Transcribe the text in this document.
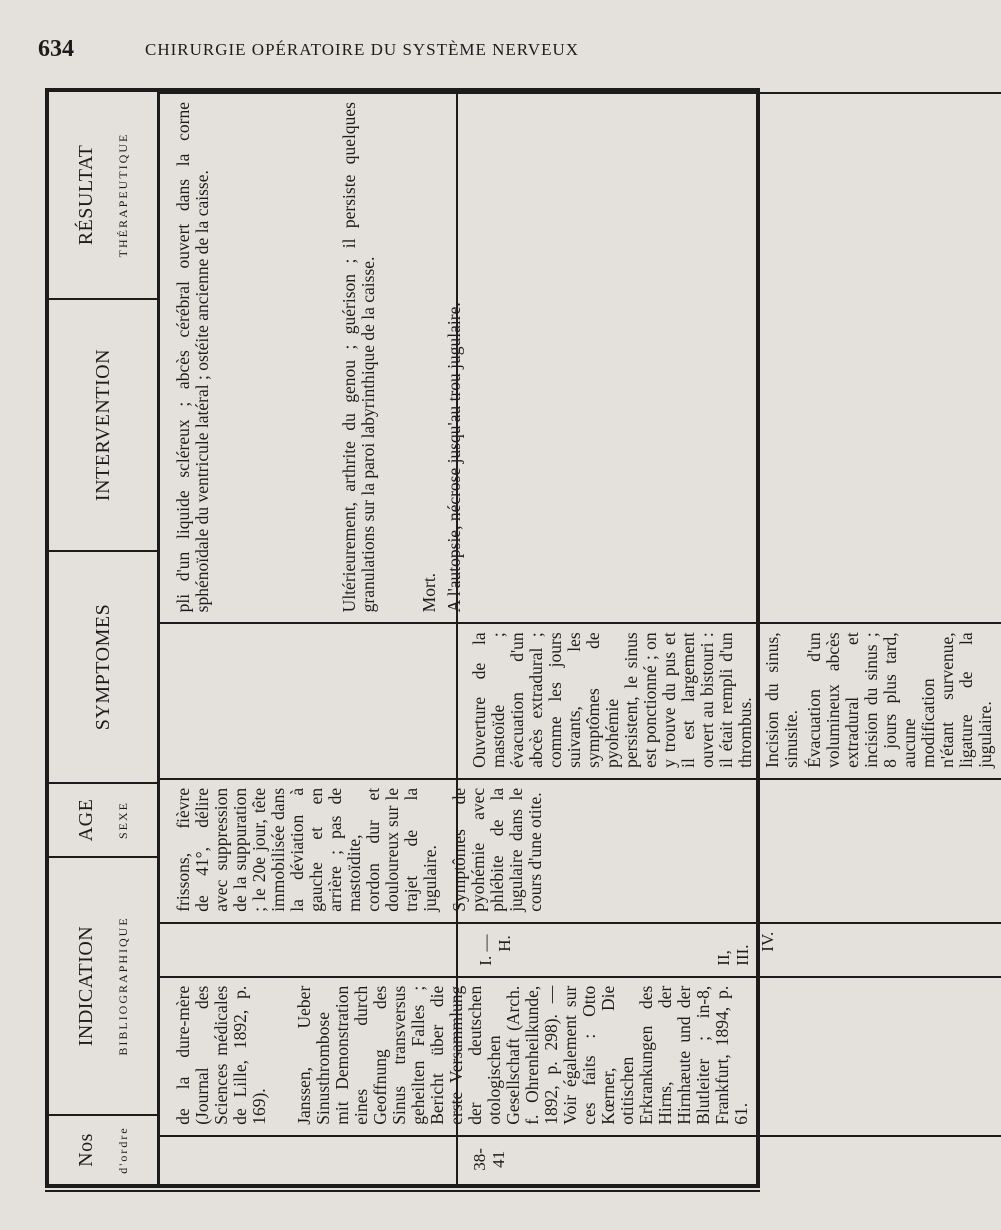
634	CHIRURGIE OPÉRATOIRE DU SYSTÈME NERVEUX
Nos d'ordre
INDICATION BIBLIOGRAPHIQUE
AGE SEXE
SYMPTOMES
INTERVENTION
RÉSULTAT THÉRAPEUTIQUE
38-41
de la dure-mère (Journal des Sciences médicales de Lille, 1892, p. 169). Janssen, Ueber Sinusthrombose mit Demonstration eines durch Geoffnung des Sinus transversus geheilten Falles ; Bericht über die erste Versammlung der deutschen otologischen Gesellschaft (Arch. f. Ohrenheilkunde, 1892, p. 298). — Voir également sur ces faits : Otto Kœrner, Die otitischen Erkrankungen des Hirns, der Hirnhæute und der Blutleiter ; in-8, Frankfurt, 1894, p. 61.
I. — H.
II, III.
IV.
frissons, fièvre de 41°, délire avec suppression de la suppuration ; le 20e jour, tête immobilisée dans la déviation à gauche et en arrière ; pas de mastoïdite, cordon dur et douloureux sur le trajet de la jugulaire. Symptômes de pyohémie avec phlébite de la jugulaire dans le cours d'une otite.
Ouverture de la mastoïde ; évacuation d'un abcès extradural ; comme les jours suivants, les symptômes de pyohémie persistent, le sinus est ponctionné ; on y trouve du pus et il est largement ouvert au bistouri : il était rempli d'un thrombus. Incision du sinus, sinusite. Évacuation d'un volumineux abcès extradural et incision du sinus ; 8 jours plus tard, aucune modification n'étant survenue, ligature de la jugulaire.
pli d'un liquide scléreux ; abcès cérébral ouvert dans la corne sphénoïdale du ventricule latéral ; ostéite ancienne de la caisse.	Ultérieurement, arthrite du genou ; guérison ; il persiste quelques granulations sur la paroi labyrinthique de la caisse. Mort. A l'autopsie, nécrose jusqu'au trou jugulaire.
